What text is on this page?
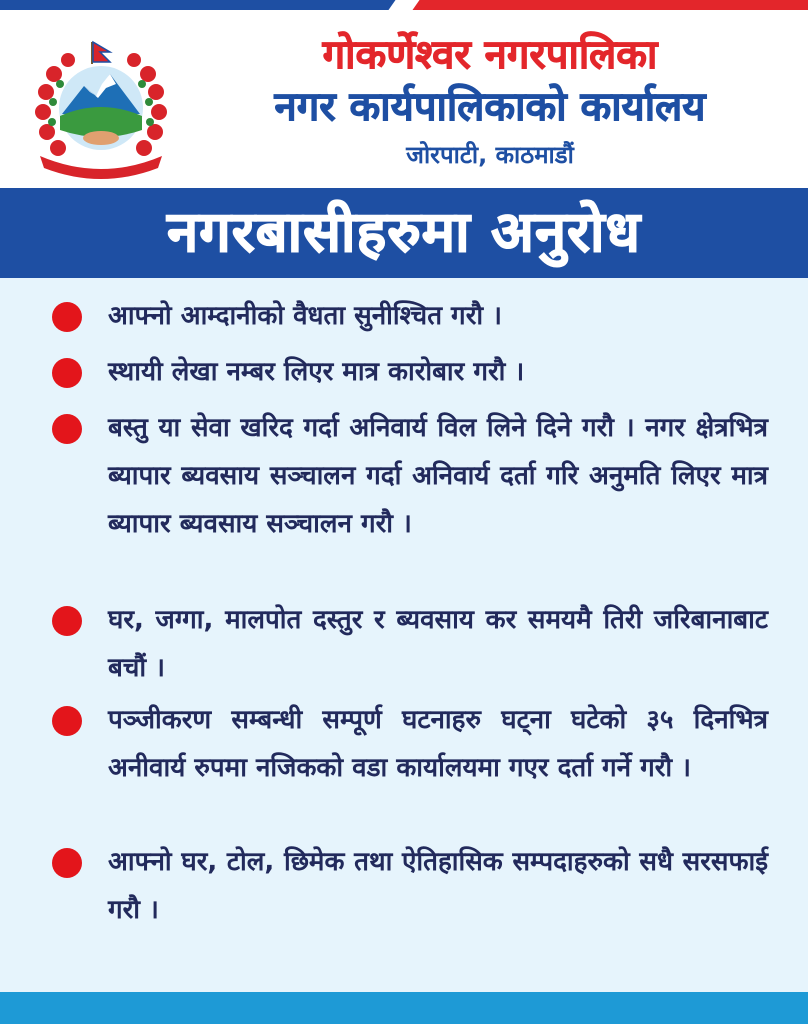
गोकर्णेश्वर नगरपालिका
नगर कार्यपालिकाको कार्यालय
जोरपाटी, काठमाडौं
नगरबासीहरुमा अनुरोध
आफ्नो आम्दानीको वैधता सुनीश्चित गरौ ।
स्थायी लेखा नम्बर लिएर मात्र कारोबार गरौ ।
बस्तु या सेवा खरिद गर्दा अनिवार्य विल लिने दिने गरौ । नगर क्षेत्रभित्र ब्यापार ब्यवसाय सञ्चालन गर्दा अनिवार्य दर्ता गरि अनुमति लिएर मात्र ब्यापार ब्यवसाय सञ्चालन गरौ ।
घर, जग्गा, मालपोत दस्तुर र ब्यवसाय कर समयमै तिरी जरिबानाबाट बचौं ।
पञ्जीकरण सम्बन्धी सम्पूर्ण घटनाहरु घट्ना घटेको ३५ दिनभित्र अनीवार्य रुपमा नजिकको वडा कार्यालयमा गएर दर्ता गर्ने गरौ ।
आफ्नो घर, टोल, छिमेक तथा ऐतिहासिक सम्पदाहरुको सधै सरसफाई गरौ ।
